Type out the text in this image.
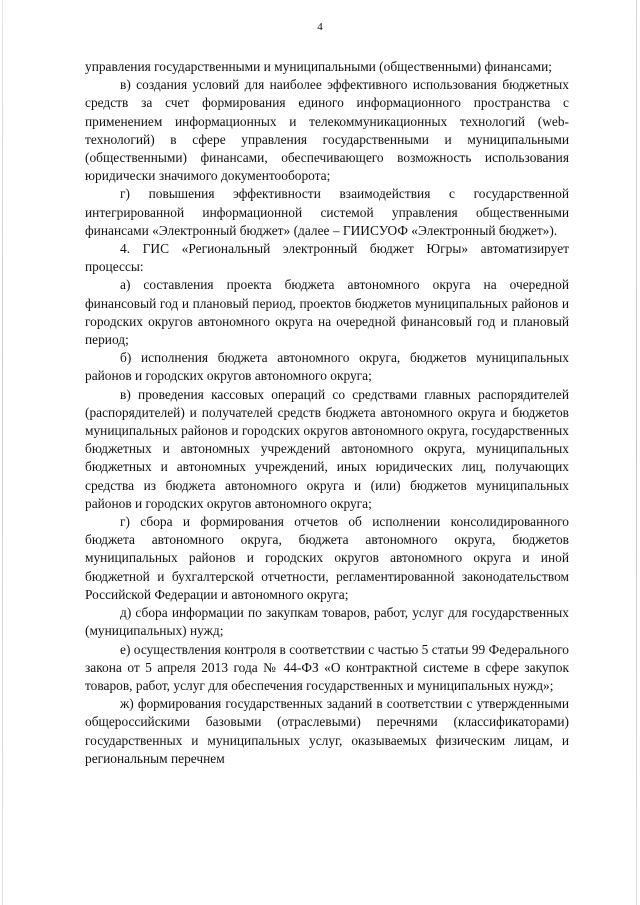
4

управления государственными и муниципальными (общественными) финансами;

в) создания условий для наиболее эффективного использования бюджетных средств за счет формирования единого информационного пространства с применением информационных и телекоммуникационных технологий (web-технологий) в сфере управления государственными и муниципальными (общественными) финансами, обеспечивающего возможность использования юридически значимого документооборота;

г) повышения эффективности взаимодействия с государственной интегрированной информационной системой управления общественными финансами «Электронный бюджет» (далее – ГИИСУОФ «Электронный бюджет»).

4. ГИС «Региональный электронный бюджет Югры» автоматизирует процессы:

а) составления проекта бюджета автономного округа на очередной финансовый год и плановый период, проектов бюджетов муниципальных районов и городских округов автономного округа на очередной финансовый год и плановый период;

б) исполнения бюджета автономного округа, бюджетов муниципальных районов и городских округов автономного округа;

в) проведения кассовых операций со средствами главных распорядителей (распорядителей) и получателей средств бюджета автономного округа и бюджетов муниципальных районов и городских округов автономного округа, государственных бюджетных и автономных учреждений автономного округа, муниципальных бюджетных и автономных учреждений, иных юридических лиц, получающих средства из бюджета автономного округа и (или) бюджетов муниципальных районов и городских округов автономного округа;

г) сбора и формирования отчетов об исполнении консолидированного бюджета автономного округа, бюджета автономного округа, бюджетов муниципальных районов и городских округов автономного округа и иной бюджетной и бухгалтерской отчетности, регламентированной законодательством Российской Федерации и автономного округа;

д) сбора информации по закупкам товаров, работ, услуг для государственных (муниципальных) нужд;

е) осуществления контроля в соответствии с частью 5 статьи 99 Федерального закона от 5 апреля 2013 года № 44-ФЗ «О контрактной системе в сфере закупок товаров, работ, услуг для обеспечения государственных и муниципальных нужд»;

ж) формирования государственных заданий в соответствии с утвержденными общероссийскими базовыми (отраслевыми) перечнями (классификаторами) государственных и муниципальных услуг, оказываемых физическим лицам, и региональным перечнем
